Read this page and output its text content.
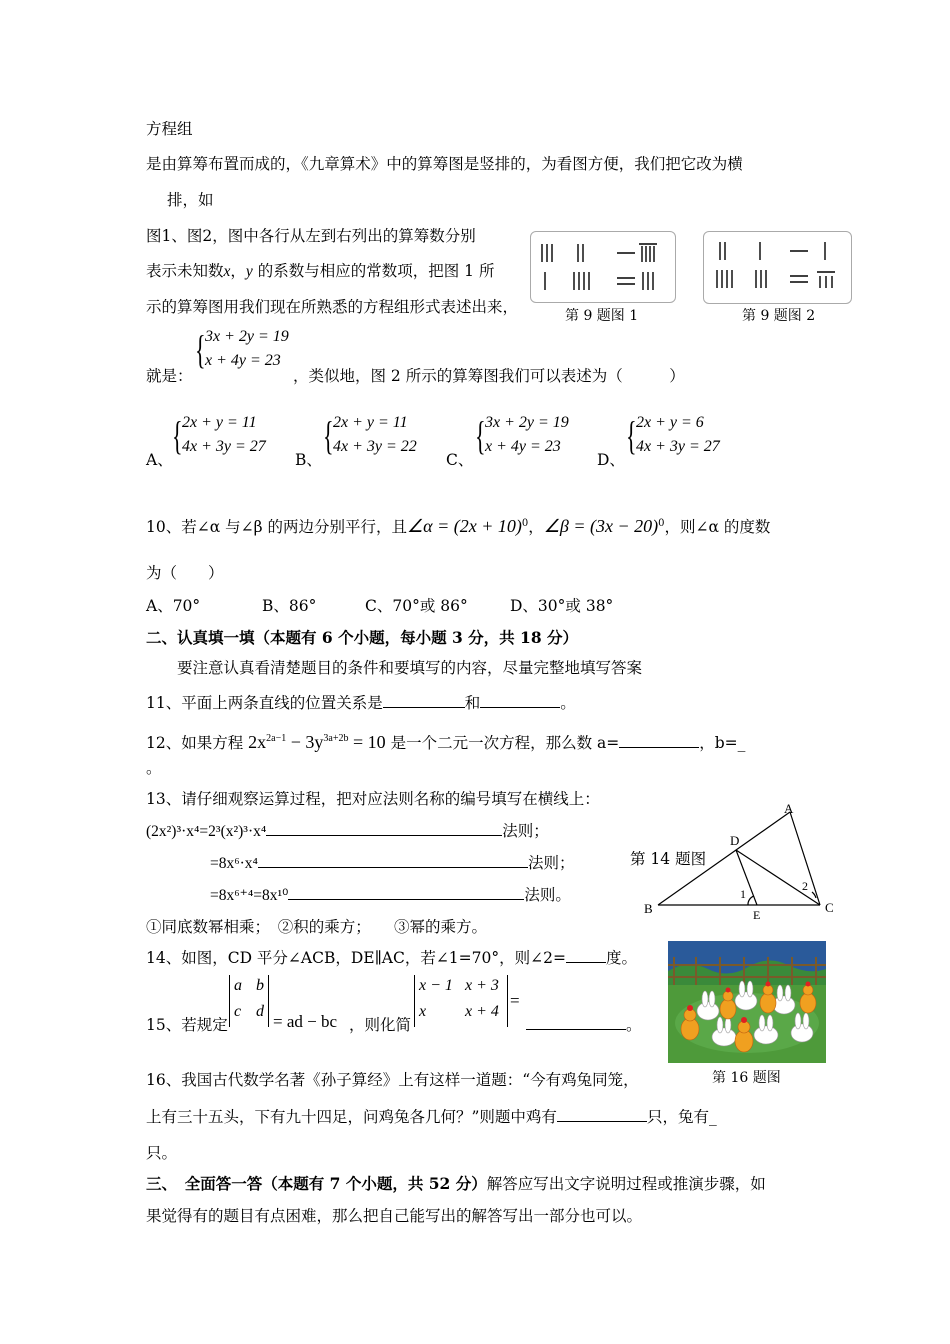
方程组
是由算筹布置而成的，《九章算术》中的算筹图是竖排的，为看图方便，我们把它改为横
排，如
图1、图2，图中各行从左到右列出的算筹数分别
表示未知数x，y 的系数与相应的常数项，把图 1 所
示的算筹图用我们现在所熟悉的方程组形式表述出来，	第 9 题图 1	第 9 题图 2
就是：
{ 3x + 2y = 19
x + 4y = 23
，类似地，图 2 所示的算筹图我们可以表述为（　　　）
A、
{ 2x + y = 11
4x + 3y = 27
B、
{ 2x + y = 11
4x + 3y = 22
C、
{ 3x + 2y = 19
x + 4y = 23
D、
{ 2x + y = 6
4x + 3y = 27
10、若∠α 与∠β 的两边分别平行，且∠α = $(2x + 10)^0$，∠β = $(3x - 20)^0$，则∠α 的度数
为（　　）
A、70°	B、86°	C、70°或 86°	D、30°或 38°
二、认真填一填（本题有 6 个小题，每小题 3 分，共 18 分）
要注意认真看清楚题目的条件和要填写的内容，尽量完整地填写答案
11、平面上两条直线的位置关系是	和	。
12、如果方程 $2x^{2a-1} - 3y^{3a+2b} = 10$ 是一个二元一次方程，那么数 a=	，b=_
。
13、请仔细观察运算过程，把对应法则名称的编号填写在横线上：
(2x²)³·x⁴=2³(x²)³·x⁴	法则；
=8x⁶·x⁴	法则；
=8x⁶⁺⁴=8x¹⁰	法则。
①同底数幂相乘；　②积的乘方；　　③幂的乘方。
第 14 题图
A
B	C
D
E
1
2
14、如图，CD 平分∠ACB，DE∥AC，若∠1=70°，则∠2=	度。
15、若规定
a b
c d
= ad − bc ，则化简
x − 1 x + 3
x x + 4
=
。
16、我国古代数学名著《孙子算经》上有这样一道题：“今有鸡兔同笼，	第 16 题图
上有三十五头，下有九十四足，问鸡兔各几何？”则题中鸡有	只，兔有_
只。
三、　全面答一答（本题有 7 个小题，共 52 分）解答应写出文字说明过程或推演步骤，如
果觉得有的题目有点困难，那么把自己能写出的解答写出一部分也可以。
